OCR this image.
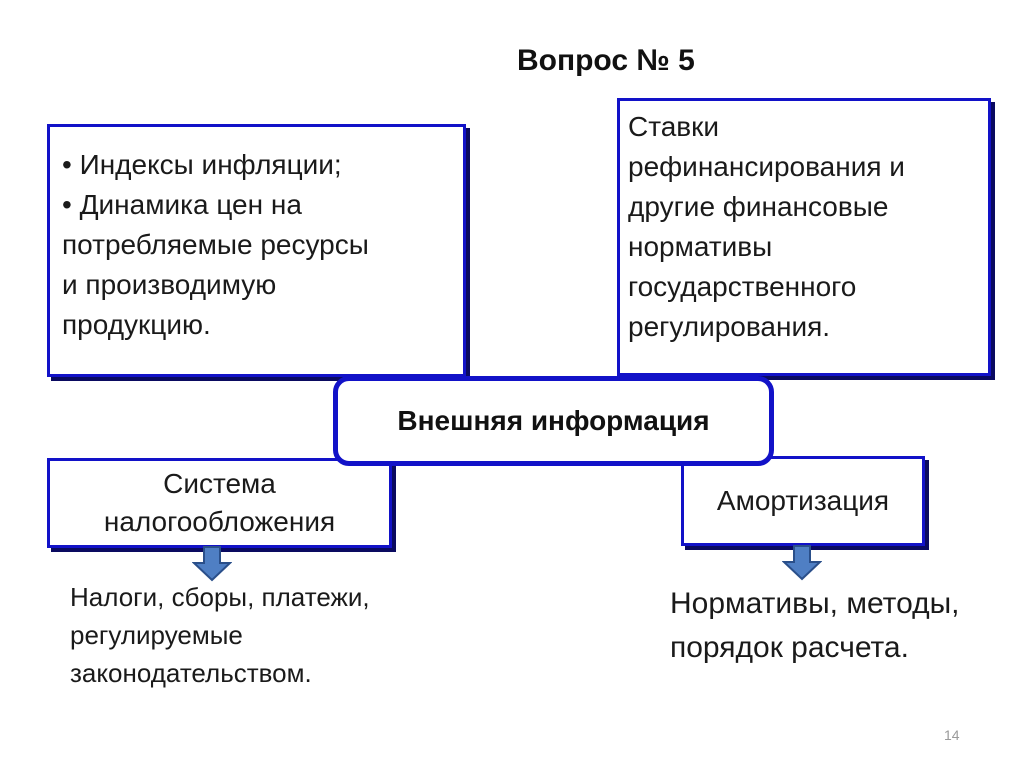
Вопрос № 5
• Индексы инфляции;
• Динамика цен на
потребляемые ресурсы
и производимую
продукцию.
Ставки
рефинансирования и
другие финансовые
нормативы
государственного
регулирования.
Система
налогообложения
Амортизация
Внешняя информация
Налоги, сборы, платежи,
регулируемые
законодательством.
Нормативы, методы,
порядок расчета.
14
